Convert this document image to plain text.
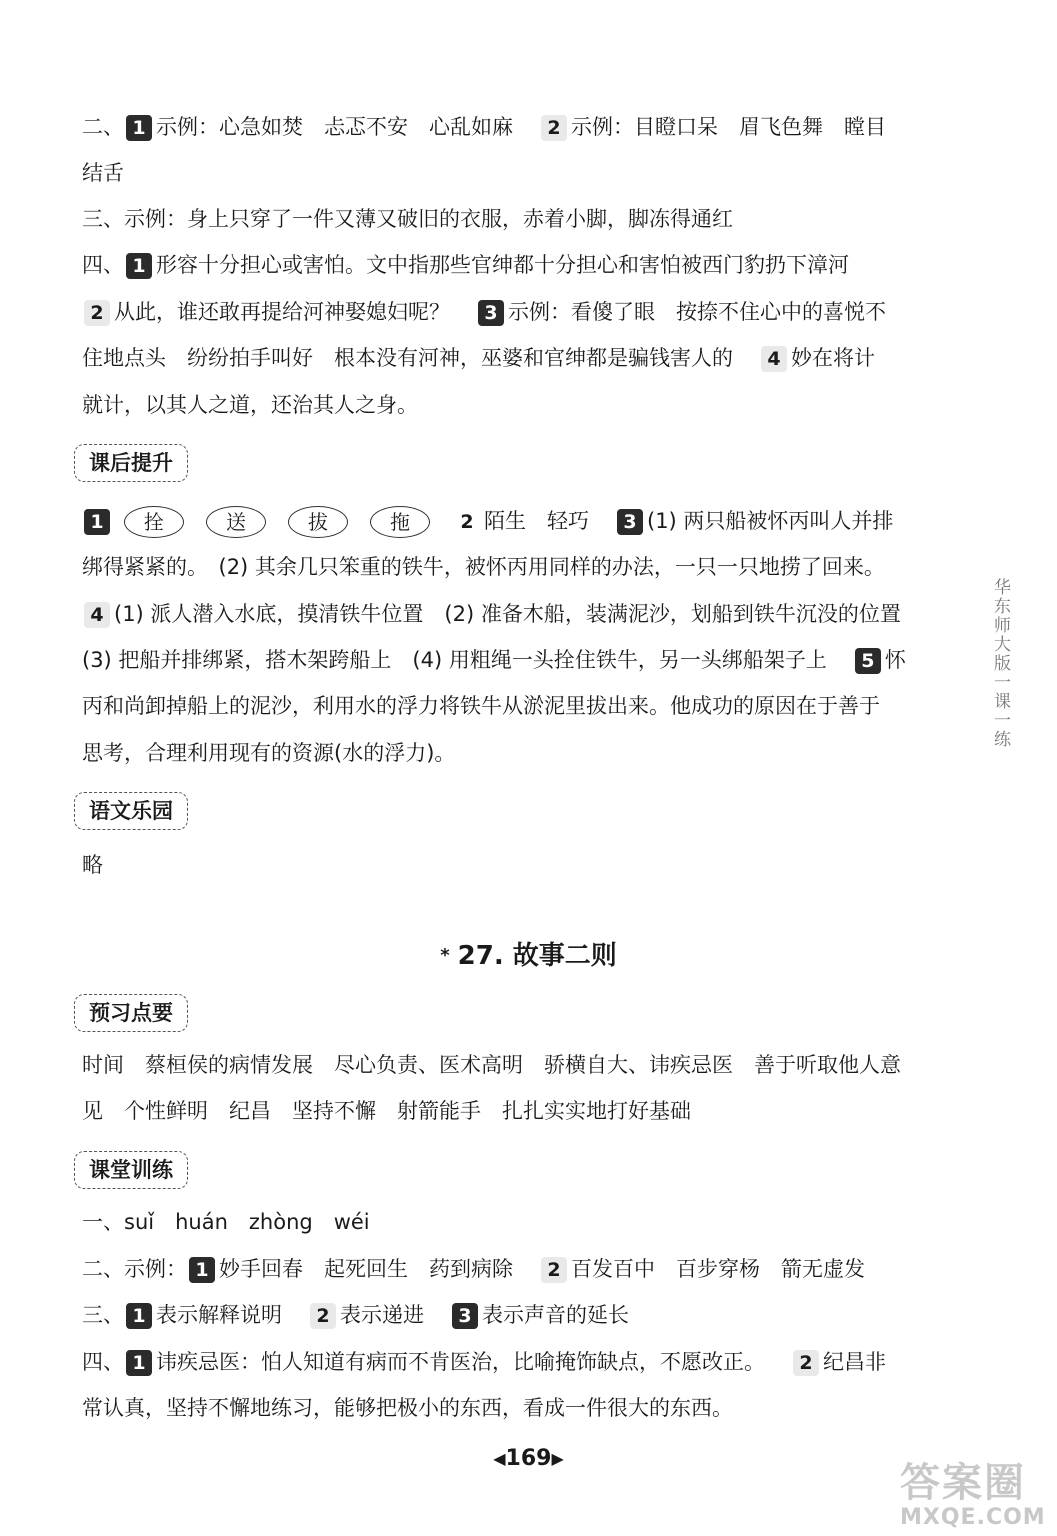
二、 1 示例：心急如焚　忐忑不安　心乱如麻 2 示例：目瞪口呆　眉飞色舞　瞠目
结舌
三、示例：身上只穿了一件又薄又破旧的衣服，赤着小脚，脚冻得通红
四、 1 形容十分担心或害怕。文中指那些官绅都十分担心和害怕被西门豹扔下漳河
2 从此，谁还敢再提给河神娶媳妇呢？ 3 示例：看傻了眼　按捺不住心中的喜悦不
住地点头　纷纷拍手叫好　根本没有河神，巫婆和官绅都是骗钱害人的 4 妙在将计
就计，以其人之道，还治其人之身。
课后提升
1 拴	送	拔	拖	2 陌生　轻巧 3 (1) 两只船被怀丙叫人并排
绑得紧紧的。　(2) 其余几只笨重的铁牛，被怀丙用同样的办法，一只一只地捞了回来。
4 (1) 派人潜入水底，摸清铁牛位置　(2) 准备木船，装满泥沙，划船到铁牛沉没的位置
(3) 把船并排绑紧，搭木架跨船上　(4) 用粗绳一头拴住铁牛，另一头绑船架子上 5 怀
丙和尚卸掉船上的泥沙，利用水的浮力将铁牛从淤泥里拔出来。他成功的原因在于善于
思考，合理利用现有的资源(水的浮力)。
语文乐园
略
* 27. 故事二则
预习点要
时间　蔡桓侯的病情发展　尽心负责、医术高明　骄横自大、讳疾忌医　善于听取他人意
见　个性鲜明　纪昌　坚持不懈　射箭能手　扎扎实实地打好基础
课堂训练
一、suǐ　huán　zhòng　wéi
二、示例： 1 妙手回春　起死回生　药到病除 2 百发百中　百步穿杨　箭无虚发
三、 1 表示解释说明 2 表示递进 3 表示声音的延长
四、 1 讳疾忌医：怕人知道有病而不肯医治，比喻掩饰缺点，不愿改正。 2 纪昌非
常认真，坚持不懈地练习，能够把极小的东西，看成一件很大的东西。
华东师大版一课一练
◀169▶
答案圈
MXQE.COM
